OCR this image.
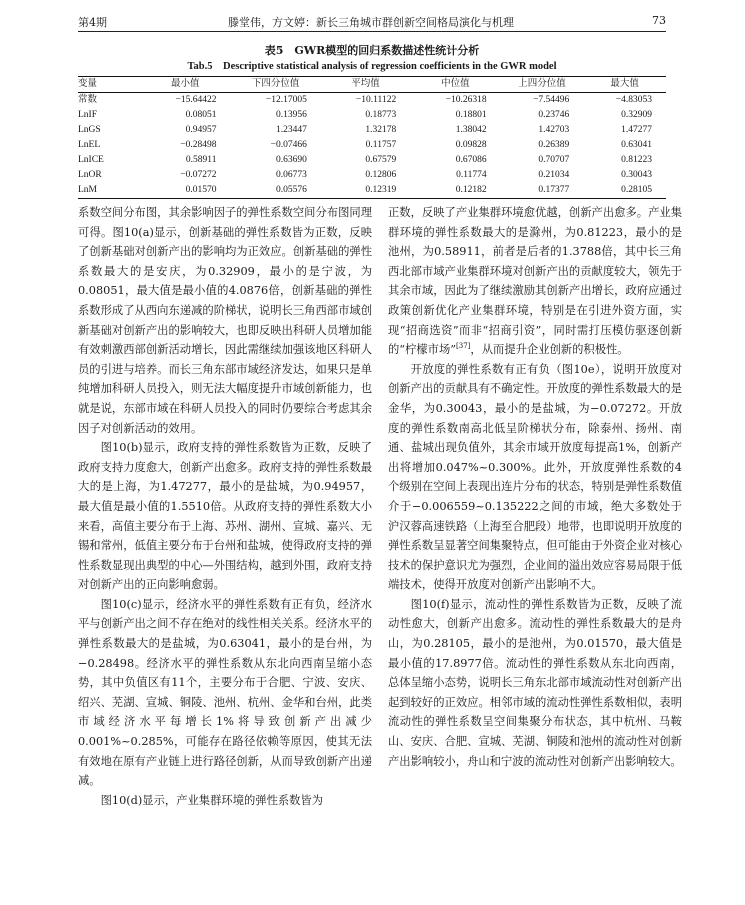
第4期	滕堂伟，方文婷：新长三角城市群创新空间格局演化与机理	73
表5　GWR模型的回归系数描述性统计分析
Tab.5　Descriptive statistical analysis of regression coefficients in the GWR model
变量	最小值	下四分位值	平均值	中位值	上四分位值	最大值
常数	−15.64422	−12.17005	−10.11122	−10.26318	−7.54496	−4.83053
LnIF	0.08051	0.13956	0.18773	0.18801	0.23746	0.32909
LnGS	0.94957	1.23447	1.32178	1.38042	1.42703	1.47277
LnEL	−0.28498	−0.07466	0.11757	0.09828	0.26389	0.63041
LnICE	0.58911	0.63690	0.67579	0.67086	0.70707	0.81223
LnOR	−0.07272	0.06773	0.12806	0.11774	0.21034	0.30043
LnM	0.01570	0.05576	0.12319	0.12182	0.17377	0.28105

系数空间分布图，其余影响因子的弹性系数空间分布图同理可得。图10(a)显示，创新基础的弹性系数皆为正数，反映了创新基础对创新产出的影响均为正效应。创新基础的弹性系数最大的是安庆，为0.32909，最小的是宁波，为0.08051，最大值是最小值的4.0876倍，创新基础的弹性系数形成了从西向东递减的阶梯状，说明长三角西部市域创新基础对创新产出的影响较大，也即反映出科研人员增加能有效刺激西部创新活动增长，因此需继续加强该地区科研人员的引进与培养。而长三角东部市域经济发达，如果只是单纯增加科研人员投入，则无法大幅度提升市域创新能力，也就是说，东部市域在科研人员投入的同时仍要综合考虑其余因子对创新活动的效用。

图10(b)显示，政府支持的弹性系数皆为正数，反映了政府支持力度愈大，创新产出愈多。政府支持的弹性系数最大的是上海，为1.47277，最小的是盐城，为0.94957，最大值是最小值的1.5510倍。从政府支持的弹性系数大小来看，高值主要分布于上海、苏州、湖州、宣城、嘉兴、无锡和常州，低值主要分布于台州和盐城，使得政府支持的弹性系数显现出典型的中心—外围结构，越到外围，政府支持对创新产出的正向影响愈弱。

图10(c)显示，经济水平的弹性系数有正有负，经济水平与创新产出之间不存在绝对的线性相关关系。经济水平的弹性系数最大的是盐城，为0.63041，最小的是台州，为−0.28498。经济水平的弹性系数从东北向西南呈缩小态势，其中负值区有11个，主要分布于合肥、宁波、安庆、绍兴、芜湖、宣城、铜陵、池州、杭州、金华和台州，此类市域经济水平每增长1%将导致创新产出减少0.001%~0.285%，可能存在路径依赖等原因，使其无法有效地在原有产业链上进行路径创新，从而导致创新产出递减。

图10(d)显示，产业集群环境的弹性系数皆为

正数，反映了产业集群环境愈优越，创新产出愈多。产业集群环境的弹性系数最大的是滁州，为0.81223，最小的是池州，为0.58911，前者是后者的1.3788倍，其中长三角西北部市域产业集群环境对创新产出的贡献度较大，领先于其余市域，因此为了继续激励其创新产出增长，政府应通过政策创新优化产业集群环境，特别是在引进外资方面，实现“招商选资”而非“招商引资”，同时需打压模仿驱逐创新的“柠檬市场”[37]，从而提升企业创新的积极性。

开放度的弹性系数有正有负（图10e），说明开放度对创新产出的贡献具有不确定性。开放度的弹性系数最大的是金华，为0.30043，最小的是盐城，为−0.07272。开放度的弹性系数南高北低呈阶梯状分布，除泰州、扬州、南通、盐城出现负值外，其余市域开放度每提高1%，创新产出将增加0.047%~0.300%。此外，开放度弹性系数的4个级别在空间上表现出连片分布的状态，特别是弹性系数值介于−0.006559~0.135222之间的市域，绝大多数处于沪汉蓉高速铁路（上海至合肥段）地带，也即说明开放度的弹性系数呈显著空间集聚特点，但可能由于外资企业对核心技术的保护意识尤为强烈，企业间的溢出效应容易局限于低端技术，使得开放度对创新产出影响不大。

图10(f)显示，流动性的弹性系数皆为正数，反映了流动性愈大，创新产出愈多。流动性的弹性系数最大的是舟山，为0.28105，最小的是池州，为0.01570，最大值是最小值的17.8977倍。流动性的弹性系数从东北向西南，总体呈缩小态势，说明长三角东北部市域流动性对创新产出起到较好的正效应。相邻市域的流动性弹性系数相似，表明流动性的弹性系数呈空间集聚分布状态，其中杭州、马鞍山、安庆、合肥、宣城、芜湖、铜陵和池州的流动性对创新产出影响较小，舟山和宁波的流动性对创新产出影响较大。
